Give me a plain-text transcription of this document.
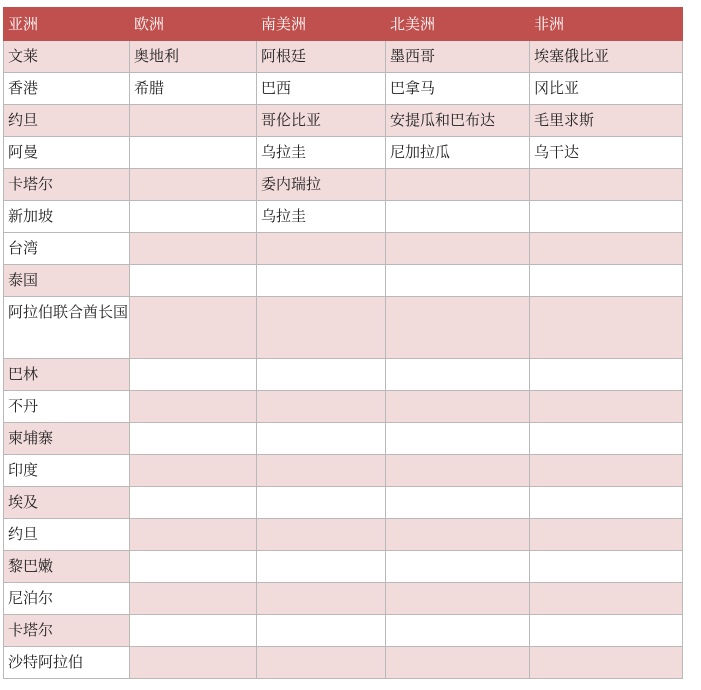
亚洲	欧洲	南美洲	北美洲	非洲
文莱	奥地利	阿根廷	墨西哥	埃塞俄比亚
香港	希腊	巴西	巴拿马	冈比亚
约旦		哥伦比亚	安提瓜和巴布达	毛里求斯
阿曼		乌拉圭	尼加拉瓜	乌干达
卡塔尔		委内瑞拉		
新加坡		乌拉圭		
台湾				
泰国				
阿拉伯联合酋长国				
巴林				
不丹				
柬埔寨				
印度				
埃及				
约旦				
黎巴嫩				
尼泊尔				
卡塔尔				
沙特阿拉伯				
